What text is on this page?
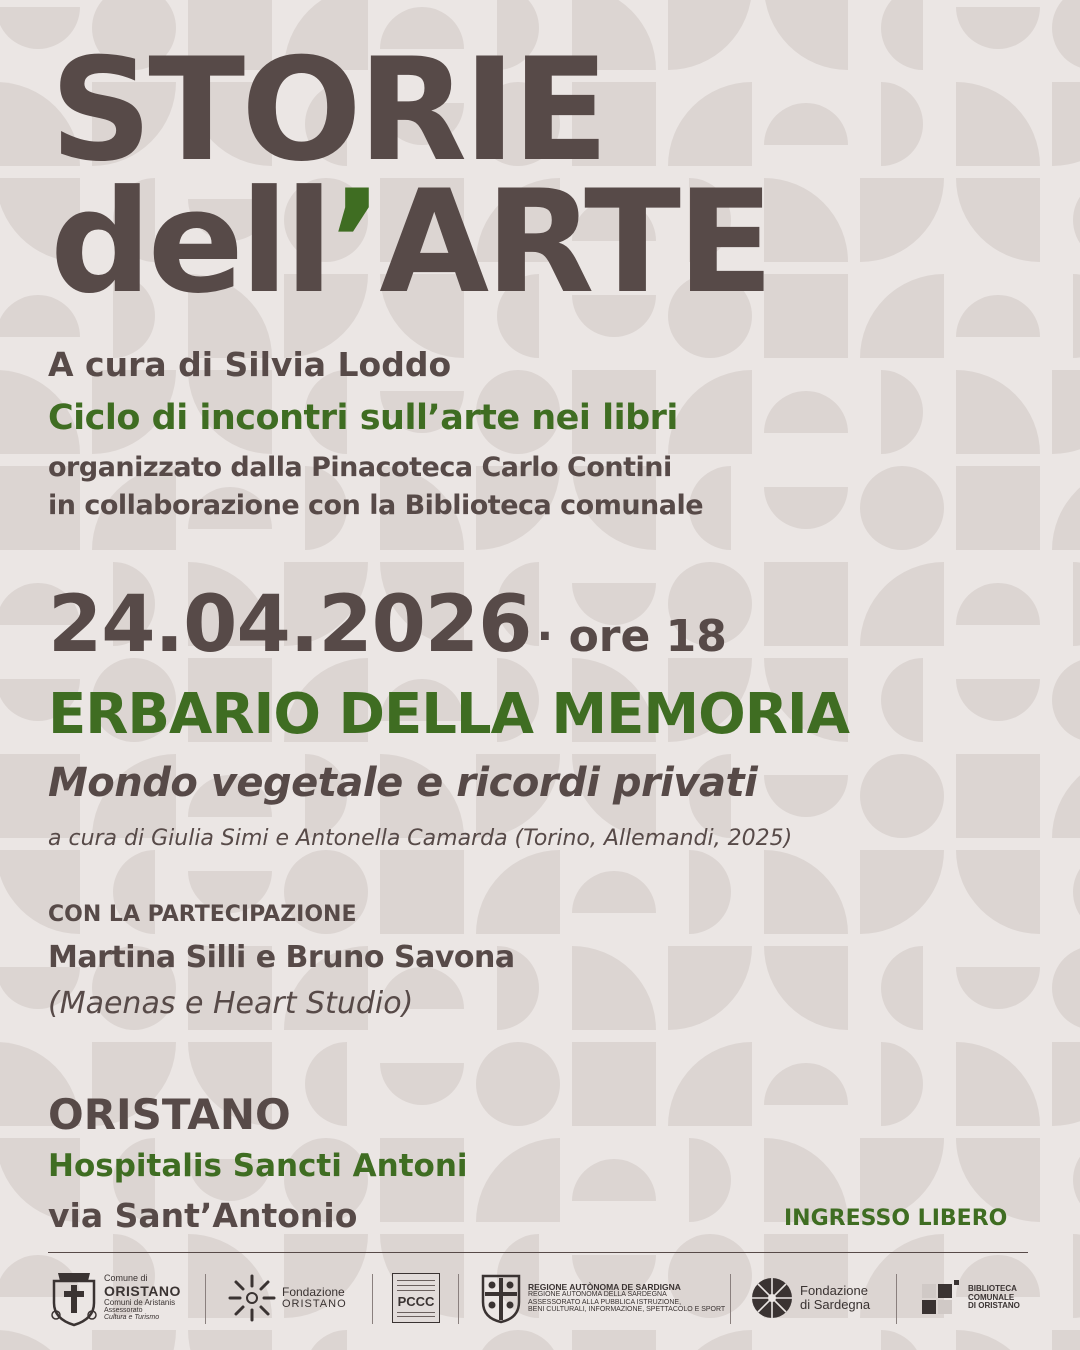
STORIE
dell’ARTE
A cura di Silvia Loddo
Ciclo di incontri sull’arte nei libri
organizzato dalla Pinacoteca Carlo Contini
in collaborazione con la Biblioteca comunale
24.04.2026 · ore 18
ERBARIO DELLA MEMORIA
Mondo vegetale e ricordi privati
a cura di Giulia Simi e Antonella Camarda (Torino, Allemandi, 2025)
CON LA PARTECIPAZIONE
Martina Silli e Bruno Savona
(Maenas e Heart Studio)
ORISTANO
Hospitalis Sancti Antoni
via Sant’Antonio	INGRESSO LIBERO
Comune di
ORISTANO
Comuni de Aristanis
Assessorato
Cultura e Turismo
Fondazione
ORISTANO	PCCC
REGIONE AUTÒNOMA DE SARDIGNA
REGIONE AUTONOMA DELLA SARDEGNA
ASSESSORATO ALLA PUBBLICA ISTRUZIONE,
BENI CULTURALI, INFORMAZIONE, SPETTACOLO E SPORT
Fondazione
di Sardegna
BIBLIOTECA
COMUNALE
DI ORISTANO
